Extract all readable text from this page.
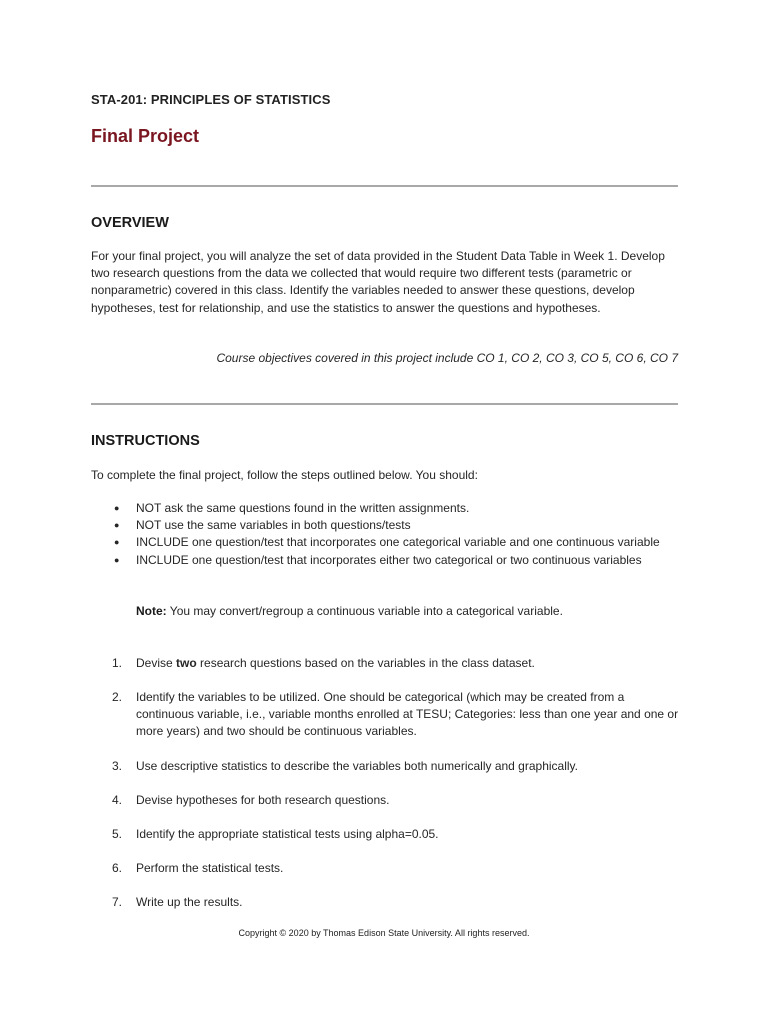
STA-201: PRINCIPLES OF STATISTICS
Final Project
OVERVIEW
For your final project, you will analyze the set of data provided in the Student Data Table in Week 1. Develop two research questions from the data we collected that would require two different tests (parametric or nonparametric) covered in this class. Identify the variables needed to answer these questions, develop hypotheses, test for relationship, and use the statistics to answer the questions and hypotheses.
Course objectives covered in this project include CO 1, CO 2, CO 3, CO 5, CO 6, CO 7
INSTRUCTIONS
To complete the final project, follow the steps outlined below. You should:
● NOT ask the same questions found in the written assignments.
● NOT use the same variables in both questions/tests
● INCLUDE one question/test that incorporates one categorical variable and one continuous variable
● INCLUDE one question/test that incorporates either two categorical or two continuous variables
Note: You may convert/regroup a continuous variable into a categorical variable.
1. Devise two research questions based on the variables in the class dataset.
2. Identify the variables to be utilized. One should be categorical (which may be created from a continuous variable, i.e., variable months enrolled at TESU; Categories: less than one year and one or more years) and two should be continuous variables.
3. Use descriptive statistics to describe the variables both numerically and graphically.
4. Devise hypotheses for both research questions.
5. Identify the appropriate statistical tests using alpha=0.05.
6. Perform the statistical tests.
7. Write up the results.
Copyright © 2020 by Thomas Edison State University. All rights reserved.
